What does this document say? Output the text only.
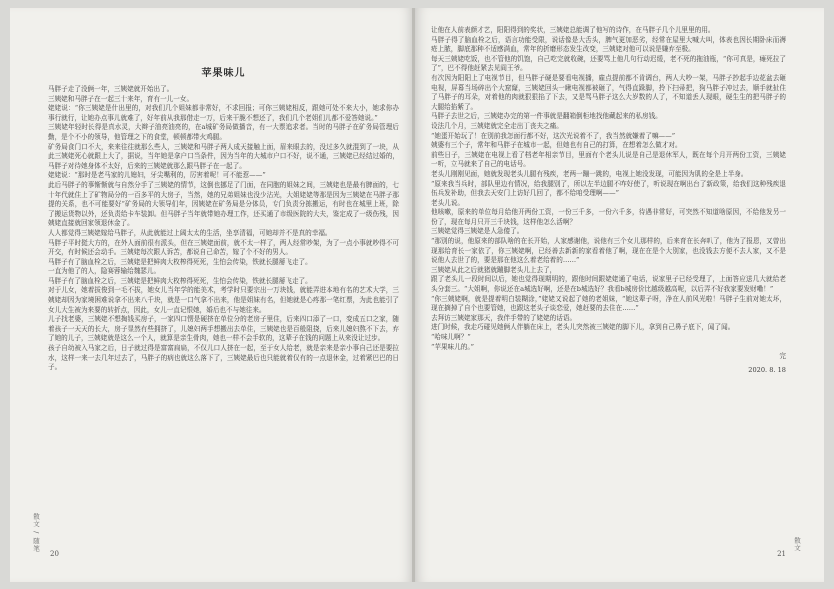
苹果味儿

马胖子走了没俩一年，三姨姥就开始出了。

三姨姥和马胖子在一起三十来年，育有一儿一女。

姥姥说：“你三姨姥是什出里的，对我们几个姐妹都非常好，不求回报；可你三姨姥相反，跟她可处不来大小，她求你办事行就行，让她办点事儿就难了，好年前从我那借走一万，后来干脆不想还了，我们几个老姐们儿都不爱答她说。”

三姨姥年轻时长得是真水灵，大辫子油亮油亮的，在a城矿务局做播音，有一大票追求者。当时的马胖子在矿务局管理后勤，是个不小的领导，他管理之下的食堂，顿顿都带火鸡腿。

矿务局食门口不大，来来往往就那么些人，三姨姥和马胖子两人成天接触上面，眉来眼去的，没过多久就混到了一块，从此三姨姥死心就跟上大了，据说，当年她是拿户口当条件，因为当年的大城市户口不好，说不通，三姨姥已经结过婚的，马胖子对待她身体不太好，后来的三姨姥就那么跟马胖子在一起了。

姥姥说：“那时是老马家的儿媳妇，牙尖嘴利的，厉害着呢！可不能惹——”

此后马胖子的事惭惭就与自然分手了三姨姥的情节，这倒也挪足了门面，在同胞的姐妹之间，三姨姥也是最有脾面的，七十年代就住上了矿物局分的一百多平的大房子，当然，她的兄弟姐妹也没少沾光，大姐姥姥等那是因为三姨姥在马胖子那提的关系，也不可能要好“矿务局的大领导们年，因姨姥在矿务局是分体员，专门负责分拣搬运，有时也在城里上班，除了搬运货物以外，还负责给卡车装卸。但马胖子当年就带她办理工作，还买通了市级医院的大夫，鉴定成了一级伤残，因姨姥直接就回家领退休金了。

人人都觉得三姨姥嫁给马胖子，从此就能过上阔太太的生活，坐享清福，可她却并不是真的幸福。

马胖子平时挺大方的，在外人面前很有派头，但在三姨姥面前，就不太一样了，两人经常吵架，为了一点小事就吵得不可开交，有时候还会动手。三姨姥每次跟人诉苦，都说自己命苦，嫁了个不好的男人。

马胖子有了脑血栓之后，三姨姥是把鲜肉大枚榨得死死，生怕会传染，铁就长腿掰飞走了。

一直为他了的人，隐赛蓉输给魏瑟儿。

马胖子有了脑血栓之后，三姨姥是把鲜肉大枚榨得死死，生怕会传染，铁就长腿掰飞走了。

对于儿女，她着拔俊到一毛不拔，她女儿当年学的能美术，考学时只要宗出一万块钱，就能弄进本地有名的艺术大学，三姨姥却因为家境困难说拿不出来八千块，就是一口气拿不出来，他是姐妹有名，但她就是心疼那一笔红票，为此也能引了女儿大生被为来要的转折点，因此，女儿一直记恨她，婚后也不与她往来。

儿子找老婆，三姨姥不想掏钱买房子，一家四口愣是硬挤在单位分的老房子里住，后来四口添了一口，变成五口之家，随着孩子一天天的长大，房子显然有些拥挤了，儿媳妇两手想搬出去单住，三姨姥也是百般阻挠，后来儿媳妇熬不下去，弃了她的儿子，三姨姥就是这么一个人，就算是亲生骨肉，她也一样不会手软的，这辈子在钱的问题上从来没让过步。

孩子自幼被入马家之后，日子就过得是富富扁扁，不仅儿口人挤在一起，至于女人给老，就是亲来是亲小事自己还是要拉水，这样一来一去几年过去了，马胖子的病也就这么落下了，三姨姥最后也只能就着仅有的一点退休金，过着紧巴巴的日子。

散文 / 随笔
20

让他在人前表颜才艺，阳阳得到的奖状，三姨姥总能调了他写的诗作，在马胖子几个儿里里的用。

马胖子得了脑血栓之后，语言功能受限，说话像是大舌头，脾气更加恶劣，经常在屋里大喊大叫，体表也因长期卧床而褥疮上脓，脚底那种不适感满血，常年的折磨形态发生改变，三姨姥对他可以说是嫌弃至极。

每天三姨姥吃饭，也不管他的饥饱，自己吃完就收碗，还要骂上他几句行动迟缓，老不死的拖油瓶，“你可真是，瘫死拉了了”，巴不得他赶紧去见阎王爷。

有次因为阳阳上了电视节目，但马胖子硬是要看电视播，雇点提前都不肯调台，两人大吵一架，马胖子抄起手边花盆去砸电视，屏幕当场碎出个大窟窿，三姨姥回头一瞅电视都被砸了，气得直跺脚，拎下扫帚把，狗马胖子冲过去，顺手就扯住了马胖子的耳朵，对着他的肉就狠狠掐了下去，又是骂马胖子这么大岁数的人了，不知道丢人现眼，硬生生的把马胖子的大腿给掐紫了。

马胖子去世之后，三姨姥办完的第一件事就是翻箱倒柜地找他藏起来的私房钱。

设法几个月，三姨姥就完全走出丁丧夫之痛。

“她蛋开始玩了！在别前我怎面行都不好，这次光说着不了，我当然就嫌着了嘛——”

姨婆有三个子，常年和马胖子在城市一起，但她也有自己的打算，在想着怎么做才对。

前些日子，三姨姥在电视上看了档老年相亲节目，里面有个老头儿说是自己是退休军人，既在每个月开两份工资，三姨姥一听，立马就来了自己的电话号。

老头儿刚刚见面，她就发现老头儿腿有残疾，老两一蹦一跳的，电视上她没发现，可能因为肌的全是上半身。

“原来我当兵时，部队里边有情况，给我腿别了，所以左半边腿不咋好使了，听说现在啊出台了新政策，给我们这种残疾退伍兵发补助，但我去天安门上访好几回了，都不给咱受理啊——”

老头儿说。

他咳嗽，原来的单位每月给他开两份工资，一份三千多，一份六千多，待遇非常好，可突然不知道啥原因，不给他发另一份了，现在每月只开三千块钱，这样他怎么活啊？

三姨姥觉得三姨姥是人急傻了。

“那别的说，他原来的部队啥的在长开始，人家感谢他，说他有三个女儿那样的，后来育在长奔叭了，他为了报恩，又曾出现那给育长一家依了，你三姨姥啊，已经善去新新的家看着他了啊，现在在是个大别家，也没钱去方便不去人家，又不是说他人去世了的，要是那在他这么着老给着的……”

三姨姥从此之后就猪就蹦脚老头儿上去了，

跟了老头儿一段时间以后，她也觉得现期明的，跟他时间跟姥姥通了电话，说家里子已经受理了，上面答应送几大就给老头分套三。“大姐啊，你说还在a城选好啊，还是在b城选好？我看b城房价比越级越高呢，以后弄不好我家要发财嘞！”

“你三姨姥啊，就是提着明白装糊涂，”姥姥又说起了她的老姐妹，“她这辈子呀，净在人前风光啦！马胖子生前对她太坏，现在摘掉了自个也要管她，也跟这老头子谈恋爱，她赶要的去住在……”

去拜访三姨姥家那天，我伴手带的了姥姥的话语。

进门时候，我走巧碰见她俩人伴躺在床上，老头儿突然被三姨姥的脚下儿，拿到自己鼻子底下，闻了闻。

“哈味儿啊？”

“苹果味儿的。”

完
2020. 8. 18
散文
21
